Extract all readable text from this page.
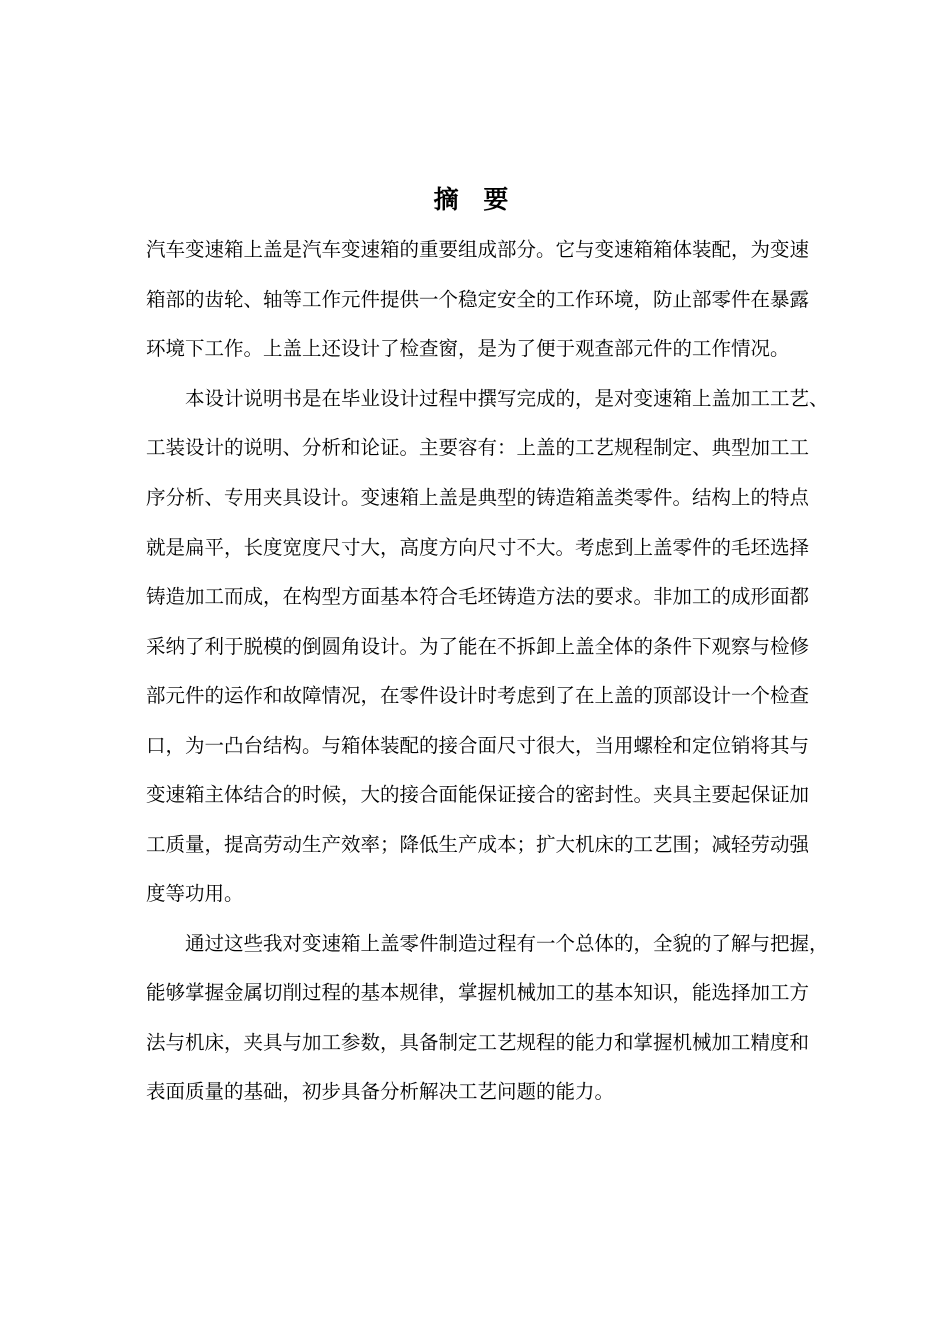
摘 要
汽车变速箱上盖是汽车变速箱的重要组成部分。它与变速箱箱体装配，为变速
箱部的齿轮、轴等工作元件提供一个稳定安全的工作环境，防止部零件在暴露
环境下工作。上盖上还设计了检查窗，是为了便于观查部元件的工作情况。
本设计说明书是在毕业设计过程中撰写完成的，是对变速箱上盖加工工艺、
工装设计的说明、分析和论证。主要容有：上盖的工艺规程制定、典型加工工
序分析、专用夹具设计。变速箱上盖是典型的铸造箱盖类零件。结构上的特点
就是扁平，长度宽度尺寸大，高度方向尺寸不大。考虑到上盖零件的毛坯选择
铸造加工而成，在构型方面基本符合毛坯铸造方法的要求。非加工的成形面都
采纳了利于脱模的倒圆角设计。为了能在不拆卸上盖全体的条件下观察与检修
部元件的运作和故障情况，在零件设计时考虑到了在上盖的顶部设计一个检查
口，为一凸台结构。与箱体装配的接合面尺寸很大，当用螺栓和定位销将其与
变速箱主体结合的时候，大的接合面能保证接合的密封性。夹具主要起保证加
工质量，提高劳动生产效率；降低生产成本；扩大机床的工艺围；减轻劳动强
度等功用。
通过这些我对变速箱上盖零件制造过程有一个总体的，全貌的了解与把握，
能够掌握金属切削过程的基本规律，掌握机械加工的基本知识，能选择加工方
法与机床，夹具与加工参数，具备制定工艺规程的能力和掌握机械加工精度和
表面质量的基础，初步具备分析解决工艺问题的能力。
